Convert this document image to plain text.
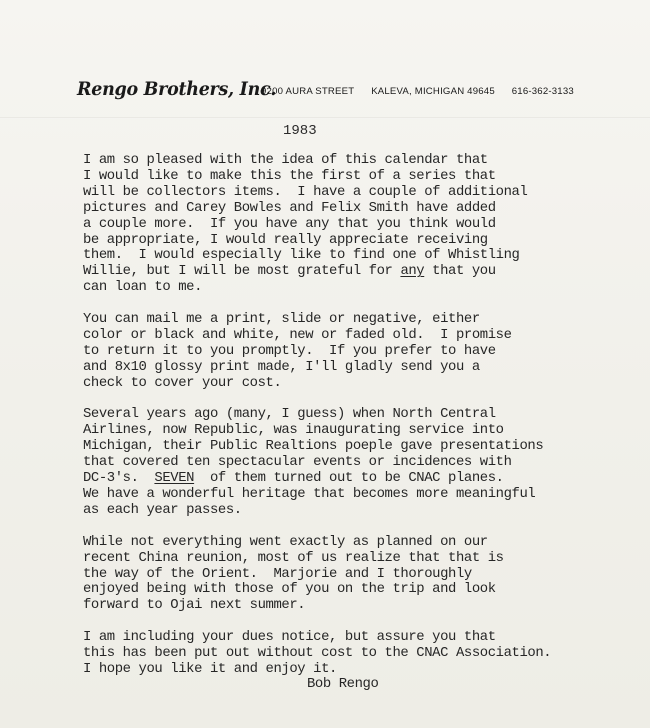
Rengo Brothers, Inc.
9200 AURA STREET KALEVA, MICHIGAN 49645 616-362-3133
1983
I am so pleased with the idea of this calendar that
I would like to make this the first of a series that
will be collectors items.  I have a couple of additional
pictures and Carey Bowles and Felix Smith have added
a couple more.  If you have any that you think would
be appropriate, I would really appreciate receiving
them.  I would especially like to find one of Whistling
Willie, but I will be most grateful for any that you
can loan to me.
You can mail me a print, slide or negative, either
color or black and white, new or faded old.  I promise
to return it to you promptly.  If you prefer to have
and 8x10 glossy print made, I'll gladly send you a
check to cover your cost.
Several years ago (many, I guess) when North Central
Airlines, now Republic, was inaugurating service into
Michigan, their Public Realtions poeple gave presentations
that covered ten spectacular events or incidences with
DC-3's.  SEVEN  of them turned out to be CNAC planes.
We have a wonderful heritage that becomes more meaningful
as each year passes.
While not everything went exactly as planned on our
recent China reunion, most of us realize that that is
the way of the Orient.  Marjorie and I thoroughly
enjoyed being with those of you on the trip and look
forward to Ojai next summer.
I am including your dues notice, but assure you that
this has been put out without cost to the CNAC Association.
I hope you like it and enjoy it.
Bob Rengo
